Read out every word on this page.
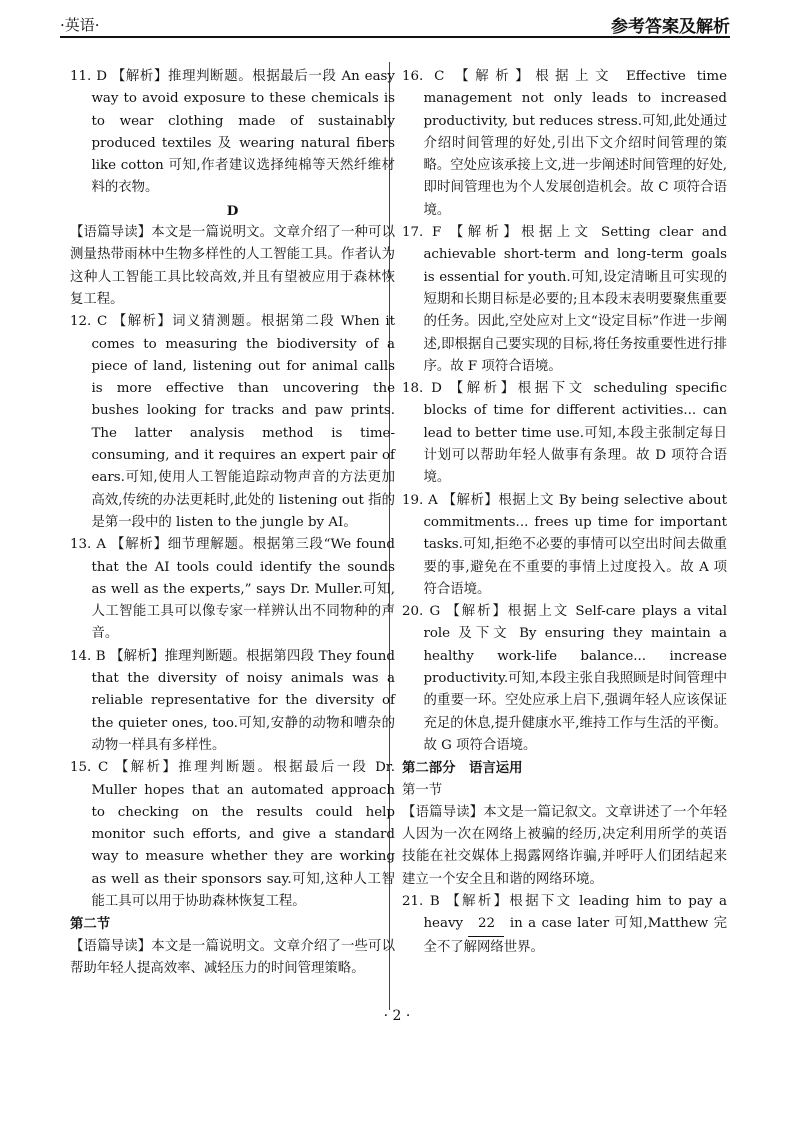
·英语·	参考答案及解析

11. D 【解析】推理判断题。根据最后一段 An easy way to avoid exposure to these chemicals is to wear clothing made of sustainably produced textiles 及 wearing natural fibers like cotton 可知,作者建议选择纯棉等天然纤维材料的衣物。

D

【语篇导读】本文是一篇说明文。文章介绍了一种可以测量热带雨林中生物多样性的人工智能工具。作者认为这种人工智能工具比较高效,并且有望被应用于森林恢复工程。

12. C 【解析】词义猜测题。根据第二段 When it comes to measuring the biodiversity of a piece of land, listening out for animal calls is more effective than uncovering the bushes looking for tracks and paw prints. The latter analysis method is time-consuming, and it requires an expert pair of ears.可知,使用人工智能追踪动物声音的方法更加高效,传统的办法更耗时,此处的 listening out 指的是第一段中的 listen to the jungle by AI。

13. A 【解析】细节理解题。根据第三段“We found that the AI tools could identify the sounds as well as the experts,” says Dr. Muller.可知,人工智能工具可以像专家一样辨认出不同物种的声音。

14. B 【解析】推理判断题。根据第四段 They found that the diversity of noisy animals was a reliable representative for the diversity of the quieter ones, too.可知,安静的动物和嘈杂的动物一样具有多样性。

15. C 【解析】推理判断题。根据最后一段 Dr. Muller hopes that an automated approach to checking on the results could help monitor such efforts, and give a standard way to measure whether they are working as well as their sponsors say.可知,这种人工智能工具可以用于协助森林恢复工程。

第二节

【语篇导读】本文是一篇说明文。文章介绍了一些可以帮助年轻人提高效率、减轻压力的时间管理策略。

16. C 【解析】根据上文 Effective time management not only leads to increased productivity, but reduces stress.可知,此处通过介绍时间管理的好处,引出下文介绍时间管理的策略。空处应该承接上文,进一步阐述时间管理的好处,即时间管理也为个人发展创造机会。故 C 项符合语境。

17. F 【解析】根据上文 Setting clear and achievable short-term and long-term goals is essential for youth.可知,设定清晰且可实现的短期和长期目标是必要的;且本段末表明要聚焦重要的任务。因此,空处应对上文“设定目标”作进一步阐述,即根据自己要实现的目标,将任务按重要性进行排序。故 F 项符合语境。

18. D 【解析】根据下文 scheduling specific blocks of time for different activities... can lead to better time use.可知,本段主张制定每日计划可以帮助年轻人做事有条理。故 D 项符合语境。

19. A 【解析】根据上文 By being selective about commitments... frees up time for important tasks.可知,拒绝不必要的事情可以空出时间去做重要的事,避免在不重要的事情上过度投入。故 A 项符合语境。

20. G 【解析】根据上文 Self-care plays a vital role 及下文 By ensuring they maintain a healthy work-life balance... increase productivity.可知,本段主张自我照顾是时间管理中的重要一环。空处应承上启下,强调年轻人应该保证充足的休息,提升健康水平,维持工作与生活的平衡。故 G 项符合语境。

第二部分　语言运用

第一节

【语篇导读】本文是一篇记叙文。文章讲述了一个年轻人因为一次在网络上被骗的经历,决定利用所学的英语技能在社交媒体上揭露网络诈骗,并呼吁人们团结起来建立一个安全且和谐的网络环境。

21. B 【解析】根据下文 leading him to pay a heavy 22 in a case later 可知,Matthew 完全不了解网络世界。

· 2 ·
